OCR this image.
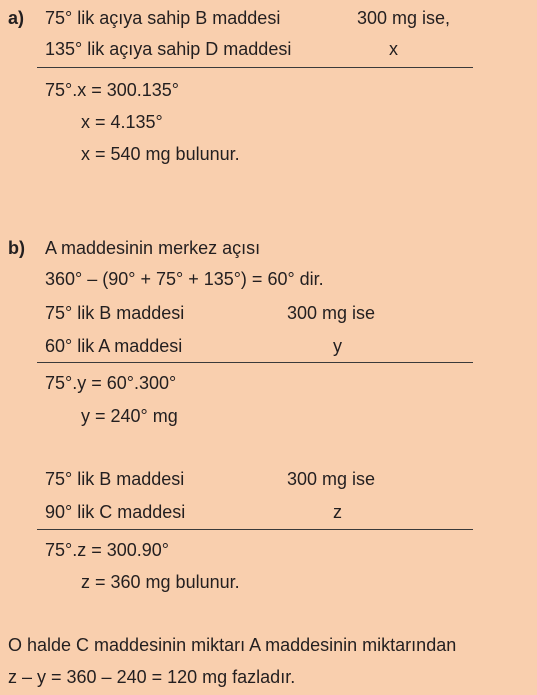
a) 75° lik açıya sahip B maddesi	300 mg ise,
135° lik açıya sahip D maddesi	x
75°.x = 300.135°
x = 4.135°
x = 540 mg bulunur.
b) A maddesinin merkez açısı
360° – (90° + 75° + 135°) = 60° dir.
75° lik B maddesi	300 mg ise
60° lik A maddesi	y
75°.y = 60°.300°
y = 240° mg
75° lik B maddesi	300 mg ise
90° lik C maddesi	z
75°.z = 300.90°
z = 360 mg bulunur.
O halde C maddesinin miktarı A maddesinin miktarından
z – y = 360 – 240 = 120 mg fazladır.
